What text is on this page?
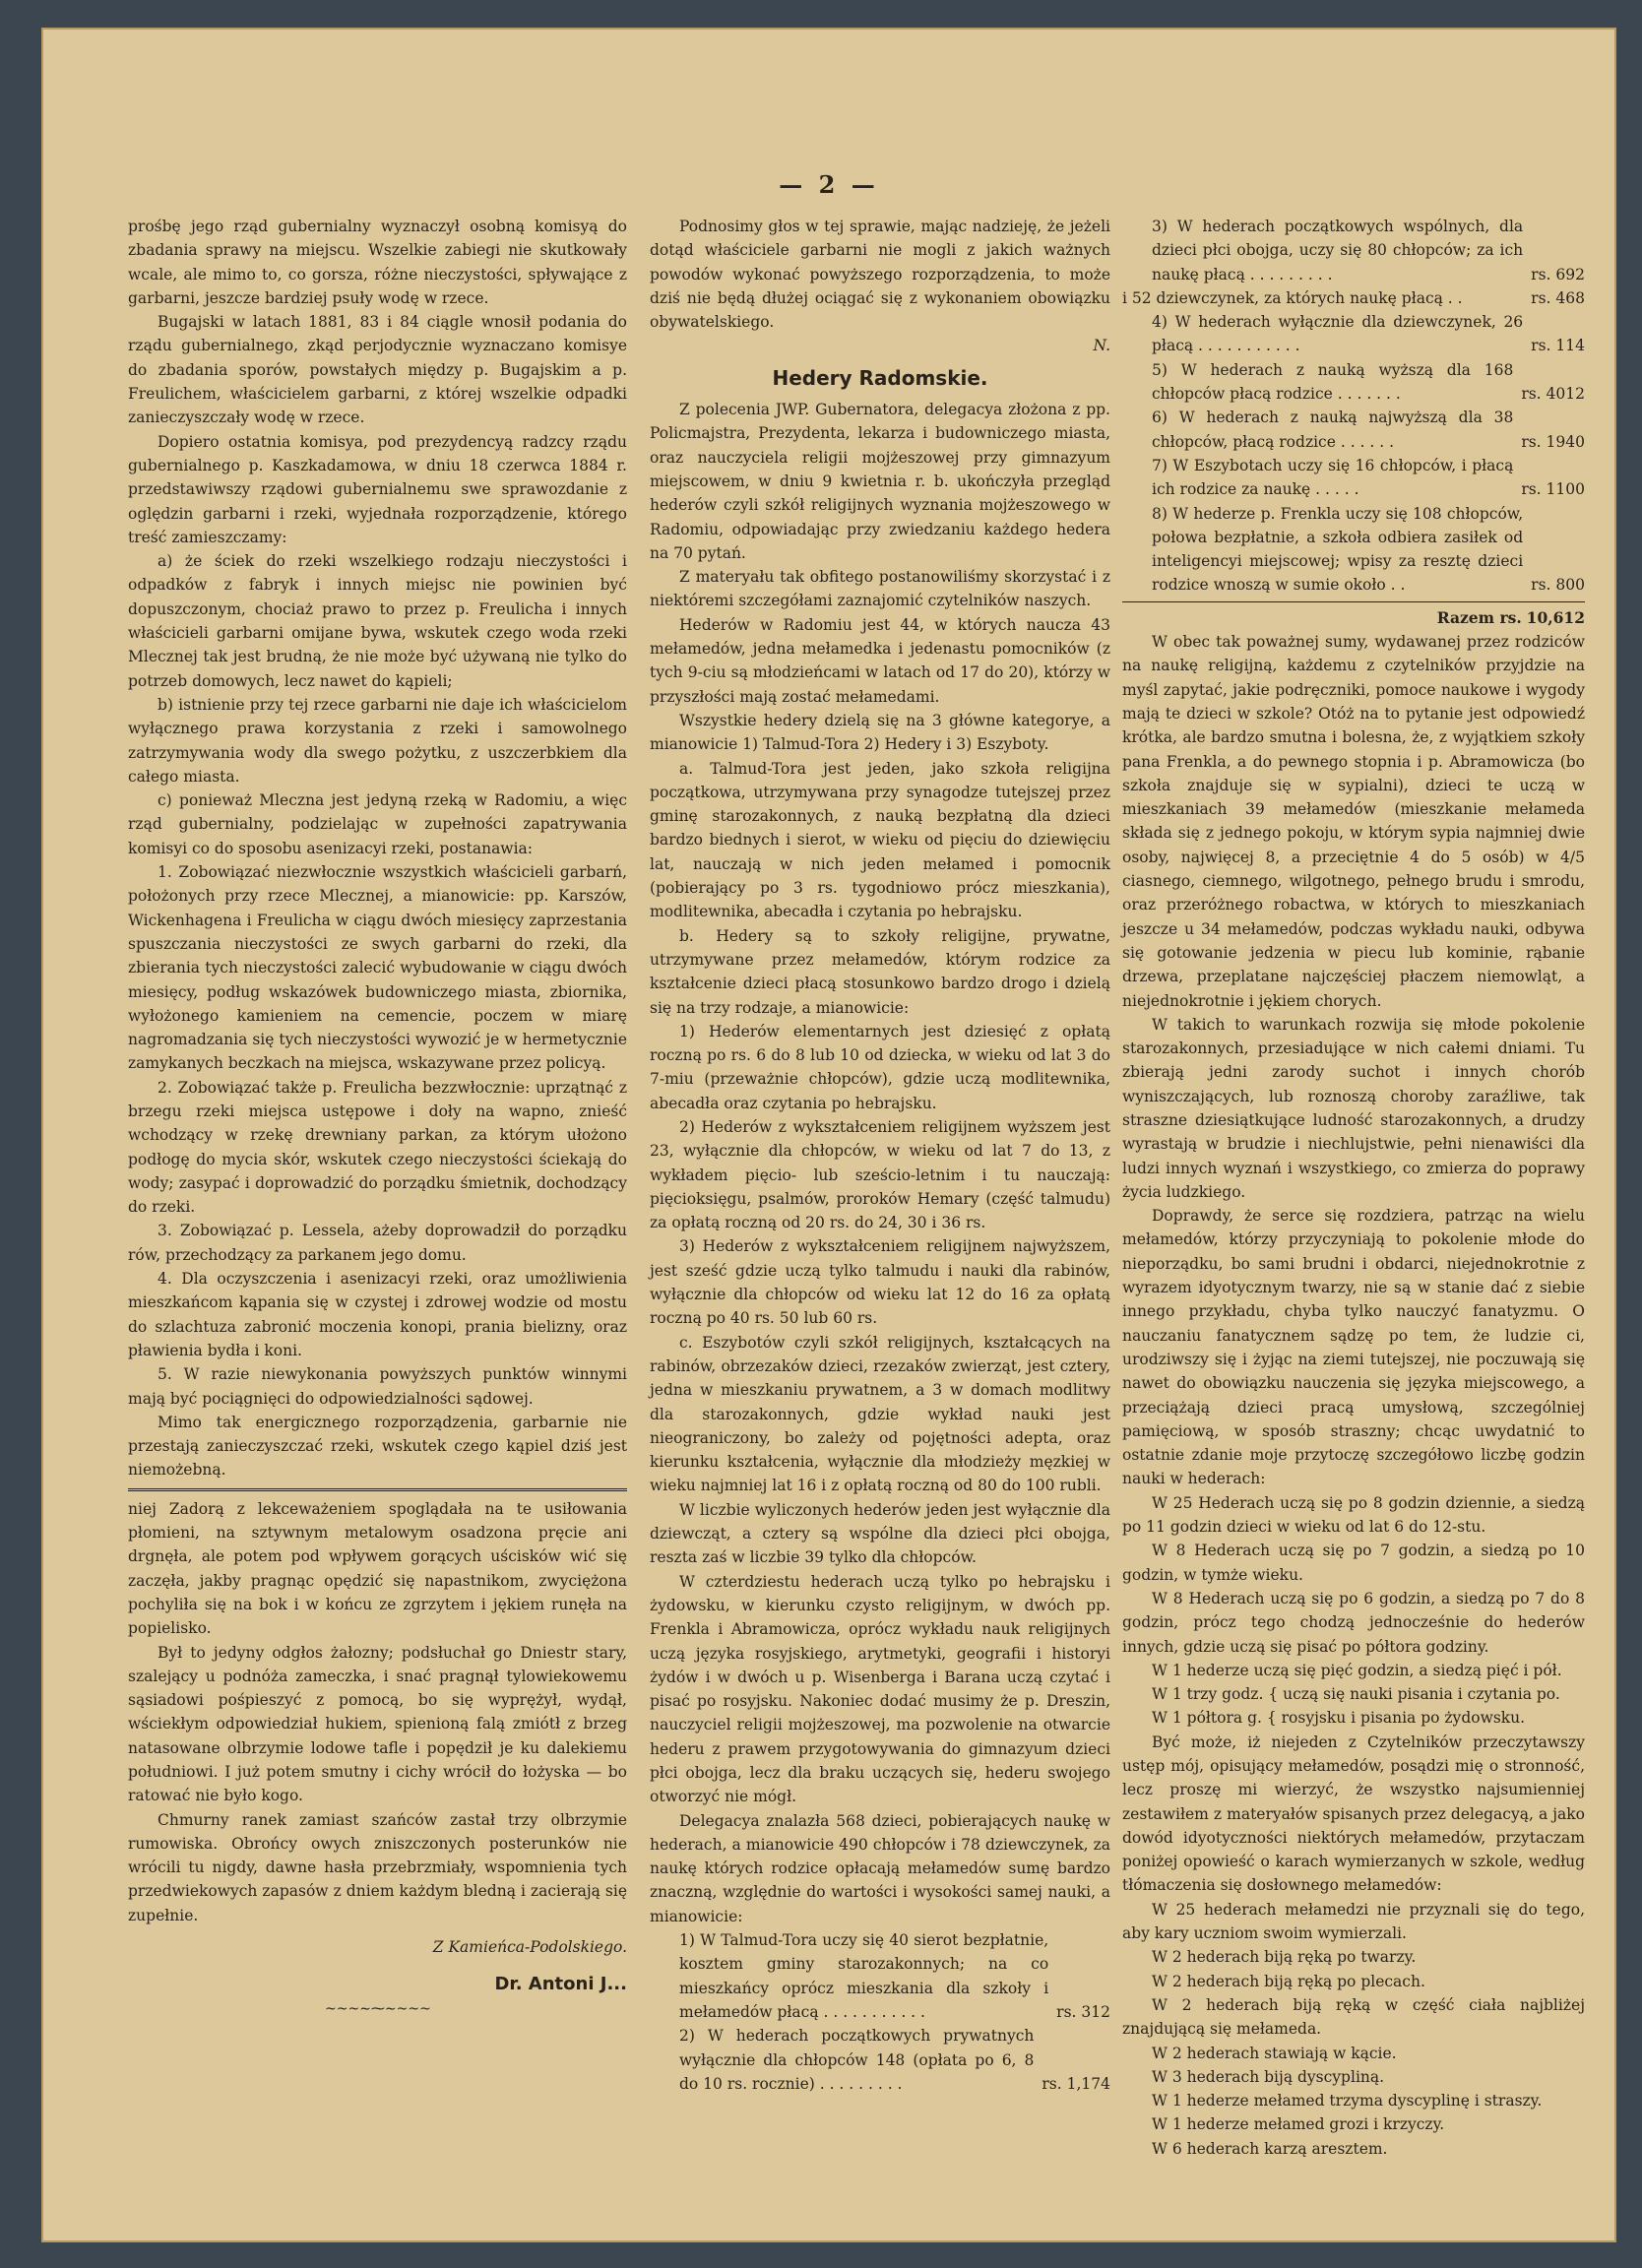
— 2 —

prośbę jego rząd gubernialny wyznaczył osobną komisyą do zbadania sprawy na miejscu. Wszelkie zabiegi nie skutkowały wcale, ale mimo to, co gorsza, różne nieczystości, spływające z garbarni, jeszcze bardziej psuły wodę w rzece.

Bugajski w latach 1881, 83 i 84 ciągle wnosił podania do rządu gubernialnego, zkąd perjodycznie wyznaczano komisye do zbadania sporów, powstałych między p. Bugajskim a p. Freulichem, właścicielem garbarni, z której wszelkie odpadki zanieczyszczały wodę w rzece.

Dopiero ostatnia komisya, pod prezydencyą radzcy rządu gubernialnego p. Kaszkadamowa, w dniu 18 czerwca 1884 r. przedstawiwszy rządowi gubernialnemu swe sprawozdanie z oględzin garbarni i rzeki, wyjednała rozporządzenie, którego treść zamieszczamy:

a) że ściek do rzeki wszelkiego rodzaju nieczystości i odpadków z fabryk i innych miejsc nie powinien być dopuszczonym, chociaż prawo to przez p. Freulicha i innych właścicieli garbarni omijane bywa, wskutek czego woda rzeki Mlecznej tak jest brudną, że nie może być używaną nie tylko do potrzeb domowych, lecz nawet do kąpieli;

b) istnienie przy tej rzece garbarni nie daje ich właścicielom wyłącznego prawa korzystania z rzeki i samowolnego zatrzymywania wody dla swego pożytku, z uszczerbkiem dla całego miasta.

c) ponieważ Mleczna jest jedyną rzeką w Radomiu, a więc rząd gubernialny, podzielając w zupełności zapatrywania komisyi co do sposobu asenizacyi rzeki, postanawia:

1. Zobowiązać niezwłocznie wszystkich właścicieli garbarń, położonych przy rzece Mlecznej, a mianowicie: pp. Karszów, Wickenhagena i Freulicha w ciągu dwóch miesięcy zaprzestania spuszczania nieczystości ze swych garbarni do rzeki, dla zbierania tych nieczystości zalecić wybudowanie w ciągu dwóch miesięcy, podług wskazówek budowniczego miasta, zbiornika, wyłożonego kamieniem na cemencie, poczem w miarę nagromadzania się tych nieczystości wywozić je w hermetycznie zamykanych beczkach na miejsca, wskazywane przez policyą.

2. Zobowiązać także p. Freulicha bezzwłocznie: uprzątnąć z brzegu rzeki miejsca ustępowe i doły na wapno, znieść wchodzący w rzekę drewniany parkan, za którym ułożono podłogę do mycia skór, wskutek czego nieczystości ściekają do wody; zasypać i doprowadzić do porządku śmietnik, dochodzący do rzeki.

3. Zobowiązać p. Lessela, ażeby doprowadził do porządku rów, przechodzący za parkanem jego domu.

4. Dla oczyszczenia i asenizacyi rzeki, oraz umożliwienia mieszkańcom kąpania się w czystej i zdrowej wodzie od mostu do szlachtuza zabronić moczenia konopi, prania bielizny, oraz pławienia bydła i koni.

5. W razie niewykonania powyższych punktów winnymi mają być pociągnięci do odpowiedzialności sądowej.

Mimo tak energicznego rozporządzenia, garbarnie nie przestają zanieczyszczać rzeki, wskutek czego kąpiel dziś jest niemożebną.

niej Zadorą z lekceważeniem spoglądała na te usiłowania płomieni, na sztywnym metalowym osadzona pręcie ani drgnęła, ale potem pod wpływem gorących uścisków wić się zaczęła, jakby pragnąc opędzić się napastnikom, zwyciężona pochyliła się na bok i w końcu ze zgrzytem i jękiem runęła na popielisko.

Był to jedyny odgłos żałozny; podsłuchał go Dniestr stary, szalejący u podnóża zameczka, i snać pragnął tylowiekowemu sąsiadowi pośpieszyć z pomocą, bo się wyprężył, wydął, wściekłym odpowiedział hukiem, spienioną falą zmiótł z brzeg natasowane olbrzymie lodowe tafle i popędził je ku dalekiemu południowi. I już potem smutny i cichy wrócił do łożyska — bo ratować nie było kogo.

Chmurny ranek zamiast szańców zastał trzy olbrzymie rumowiska. Obrońcy owych zniszczonych posterunków nie wrócili tu nigdy, dawne hasła przebrzmiały, wspomnienia tych przedwiekowych zapasów z dniem każdym bledną i zacierają się zupełnie.

Z Kamieńca-Podolskiego.

Dr. Antoni J...
~~~∼⁓∼~~~

Podnosimy głos w tej sprawie, mając nadzieję, że jeżeli dotąd właściciele garbarni nie mogli z jakich ważnych powodów wykonać powyższego rozporządzenia, to może dziś nie będą dłużej ociągać się z wykonaniem obowiązku obywatelskiego.

N.

Hedery Radomskie.

Z polecenia JWP. Gubernatora, delegacya złożona z pp. Policmajstra, Prezydenta, lekarza i budowniczego miasta, oraz nauczyciela religii mojżeszowej przy gimnazyum miejscowem, w dniu 9 kwietnia r. b. ukończyła przegląd hederów czyli szkół religijnych wyznania mojżeszowego w Radomiu, odpowiadając przy zwiedzaniu każdego hedera na 70 pytań.

Z materyału tak obfitego postanowiliśmy skorzystać i z niektóremi szczegółami zaznajomić czytelników naszych.

Hederów w Radomiu jest 44, w których naucza 43 mełamedów, jedna mełamedka i jedenastu pomocników (z tych 9-ciu są młodzieńcami w latach od 17 do 20), którzy w przyszłości mają zostać mełamedami.

Wszystkie hedery dzielą się na 3 główne kategorye, a mianowicie 1) Talmud-Tora 2) Hedery i 3) Eszyboty.

a. Talmud-Tora jest jeden, jako szkoła religijna początkowa, utrzymywana przy synagodze tutejszej przez gminę starozakonnych, z nauką bezpłatną dla dzieci bardzo biednych i sierot, w wieku od pięciu do dziewięciu lat, nauczają w nich jeden mełamed i pomocnik (pobierający po 3 rs. tygodniowo prócz mieszkania), modlitewnika, abecadła i czytania po hebrajsku.

b. Hedery są to szkoły religijne, prywatne, utrzymywane przez mełamedów, którym rodzice za kształcenie dzieci płacą stosunkowo bardzo drogo i dzielą się na trzy rodzaje, a mianowicie:

1) Hederów elementarnych jest dziesięć z opłatą roczną po rs. 6 do 8 lub 10 od dziecka, w wieku od lat 3 do 7-miu (przeważnie chłopców), gdzie uczą modlitewnika, abecadła oraz czytania po hebrajsku.

2) Hederów z wykształceniem religijnem wyższem jest 23, wyłącznie dla chłopców, w wieku od lat 7 do 13, z wykładem pięcio- lub sześcio-letnim i tu nauczają: pięcioksięgu, psalmów, proroków Hemary (część talmudu) za opłatą roczną od 20 rs. do 24, 30 i 36 rs.

3) Hederów z wykształceniem religijnem najwyższem, jest sześć gdzie uczą tylko talmudu i nauki dla rabinów, wyłącznie dla chłopców od wieku lat 12 do 16 za opłatą roczną po 40 rs. 50 lub 60 rs.

c. Eszybotów czyli szkół religijnych, kształcących na rabinów, obrzezaków dzieci, rzezaków zwierząt, jest cztery, jedna w mieszkaniu prywatnem, a 3 w domach modlitwy dla starozakonnych, gdzie wykład nauki jest nieograniczony, bo zależy od pojętności adepta, oraz kierunku kształcenia, wyłącznie dla młodzieży męzkiej w wieku najmniej lat 16 i z opłatą roczną od 80 do 100 rubli.

W liczbie wyliczonych hederów jeden jest wyłącznie dla dziewcząt, a cztery są wspólne dla dzieci płci obojga, reszta zaś w liczbie 39 tylko dla chłopców.

W czterdziestu hederach uczą tylko po hebrajsku i żydowsku, w kierunku czysto religijnym, w dwóch pp. Frenkla i Abramowicza, oprócz wykładu nauk religijnych uczą języka rosyjskiego, arytmetyki, geografii i historyi żydów i w dwóch u p. Wisenberga i Barana uczą czytać i pisać po rosyjsku. Nakoniec dodać musimy że p. Dreszin, nauczyciel religii mojżeszowej, ma pozwolenie na otwarcie hederu z prawem przygotowywania do gimnazyum dzieci płci obojga, lecz dla braku uczących się, hederu swojego otworzyć nie mógł.

Delegacya znalazła 568 dzieci, pobierających naukę w hederach, a mianowicie 490 chłopców i 78 dziewczynek, za naukę których rodzice opłacają mełamedów sumę bardzo znaczną, względnie do wartości i wysokości samej nauki, a mianowicie:

1) W Talmud-Tora uczy się 40 sierot bezpłatnie, kosztem gminy starozakonnych; na co mieszkańcy oprócz mieszkania dla szkoły i mełamedów płacą . . . . . . . . . . .	rs. 312
2) W hederach początkowych prywatnych wyłącznie dla chłopców 148 (opłata po 6, 8 do 10 rs. rocznie) . . . . . . . . .	rs. 1,174
3) W hederach początkowych wspólnych, dla dzieci płci obojga, uczy się 80 chłopców; za ich naukę płacą . . . . . . . . .	rs. 692
i 52 dziewczynek, za których naukę płacą . .	rs. 468
4) W hederach wyłącznie dla dziewczynek, 26 płacą . . . . . . . . . . .	rs. 114
5) W hederach z nauką wyższą dla 168 chłopców płacą rodzice . . . . . . .	rs. 4012
6) W hederach z nauką najwyższą dla 38 chłopców, płacą rodzice . . . . . .	rs. 1940
7) W Eszybotach uczy się 16 chłopców, i płacą ich rodzice za naukę . . . . .	rs. 1100
8) W hederze p. Frenkla uczy się 108 chłopców, połowa bezpłatnie, a szkoła odbiera zasiłek od inteligencyi miejscowej; wpisy za resztę dzieci rodzice wnoszą w sumie około . .	rs. 800
Razem rs. 10,612

W obec tak poważnej sumy, wydawanej przez rodziców na naukę religijną, każdemu z czytelników przyjdzie na myśl zapytać, jakie podręczniki, pomoce naukowe i wygody mają te dzieci w szkole? Otóż na to pytanie jest odpowiedź krótka, ale bardzo smutna i bolesna, że, z wyjątkiem szkoły pana Frenkla, a do pewnego stopnia i p. Abramowicza (bo szkoła znajduje się w sypialni), dzieci te uczą w mieszkaniach 39 mełamedów (mieszkanie mełameda składa się z jednego pokoju, w którym sypia najmniej dwie osoby, najwięcej 8, a przeciętnie 4 do 5 osób) w 4/5 ciasnego, ciemnego, wilgotnego, pełnego brudu i smrodu, oraz przeróżnego robactwa, w których to mieszkaniach jeszcze u 34 mełamedów, podczas wykładu nauki, odbywa się gotowanie jedzenia w piecu lub kominie, rąbanie drzewa, przeplatane najczęściej płaczem niemowląt, a niejednokrotnie i jękiem chorych.

W takich to warunkach rozwija się młode pokolenie starozakonnych, przesiadujące w nich całemi dniami. Tu zbierają jedni zarody suchot i innych chorób wyniszczających, lub roznoszą choroby zaraźliwe, tak straszne dziesiątkujące ludność starozakonnych, a drudzy wyrastają w brudzie i niechlujstwie, pełni nienawiści dla ludzi innych wyznań i wszystkiego, co zmierza do poprawy życia ludzkiego.

Doprawdy, że serce się rozdziera, patrząc na wielu mełamedów, którzy przyczyniają to pokolenie młode do nieporządku, bo sami brudni i obdarci, niejednokrotnie z wyrazem idyotycznym twarzy, nie są w stanie dać z siebie innego przykładu, chyba tylko nauczyć fanatyzmu. O nauczaniu fanatycznem sądzę po tem, że ludzie ci, urodziwszy się i żyjąc na ziemi tutejszej, nie poczuwają się nawet do obowiązku nauczenia się języka miejscowego, a przeciążają dzieci pracą umysłową, szczególniej pamięciową, w sposób straszny; chcąc uwydatnić to ostatnie zdanie moje przytoczę szczegółowo liczbę godzin nauki w hederach:

W 25 Hederach uczą się po 8 godzin dziennie, a siedzą po 11 godzin dzieci w wieku od lat 6 do 12-stu.

W 8 Hederach uczą się po 7 godzin, a siedzą po 10 godzin, w tymże wieku.

W 8 Hederach uczą się po 6 godzin, a siedzą po 7 do 8 godzin, prócz tego chodzą jednocześnie do hederów innych, gdzie uczą się pisać po półtora godziny.

W 1 hederze uczą się pięć godzin, a siedzą pięć i pół.

W 1 trzy godz. { uczą się nauki pisania i czytania po.

W 1 półtora g. { rosyjsku i pisania po żydowsku.

Być może, iż niejeden z Czytelników przeczytawszy ustęp mój, opisujący mełamedów, posądzi mię o stronność, lecz proszę mi wierzyć, że wszystko najsumienniej zestawiłem z materyałów spisanych przez delegacyą, a jako dowód idyotyczności niektórych mełamedów, przytaczam poniżej opowieść o karach wymierzanych w szkole, według tłómaczenia się dosłownego mełamedów:

W 25 hederach mełamedzi nie przyznali się do tego, aby kary uczniom swoim wymierzali.

W 2 hederach biją ręką po twarzy.

W 2 hederach biją ręką po plecach.

W 2 hederach biją ręką w część ciała najbliżej znajdującą się mełameda.

W 2 hederach stawiają w kącie.

W 3 hederach biją dyscypliną.

W 1 hederze mełamed trzyma dyscyplinę i straszy.

W 1 hederze mełamed grozi i krzyczy.

W 6 hederach karzą aresztem.
